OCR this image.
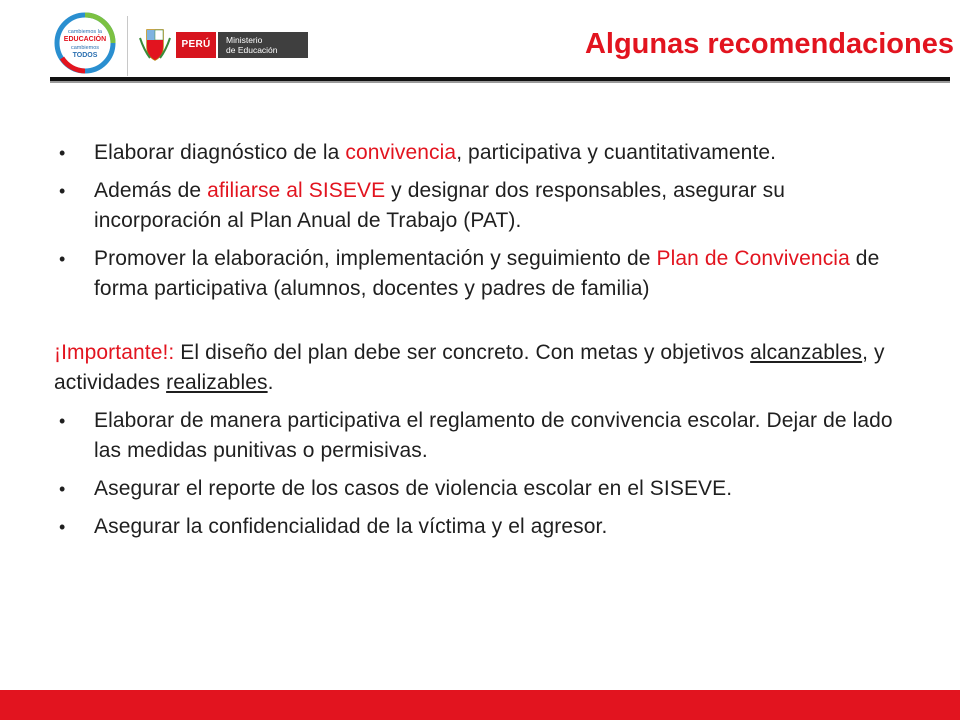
cambiemos la
EDUCACIÓN
cambiemos
TODOS
PERÚ	Ministerio
de Educación	Algunas recomendaciones
• Elaborar diagnóstico de la convivencia, participativa y cuantitativamente.
• Además de afiliarse al SISEVE y designar dos responsables, asegurar su incorporación al Plan Anual de Trabajo (PAT).
• Promover la elaboración, implementación y seguimiento de Plan de Convivencia de forma participativa (alumnos, docentes y padres de familia)
¡Importante!: El diseño del plan debe ser concreto. Con metas y objetivos alcanzables, y actividades realizables.
• Elaborar de manera participativa el reglamento de convivencia escolar. Dejar de lado las medidas punitivas o permisivas.
• Asegurar el reporte de los casos de violencia escolar en el SISEVE.
• Asegurar la confidencialidad de la víctima y el agresor.
